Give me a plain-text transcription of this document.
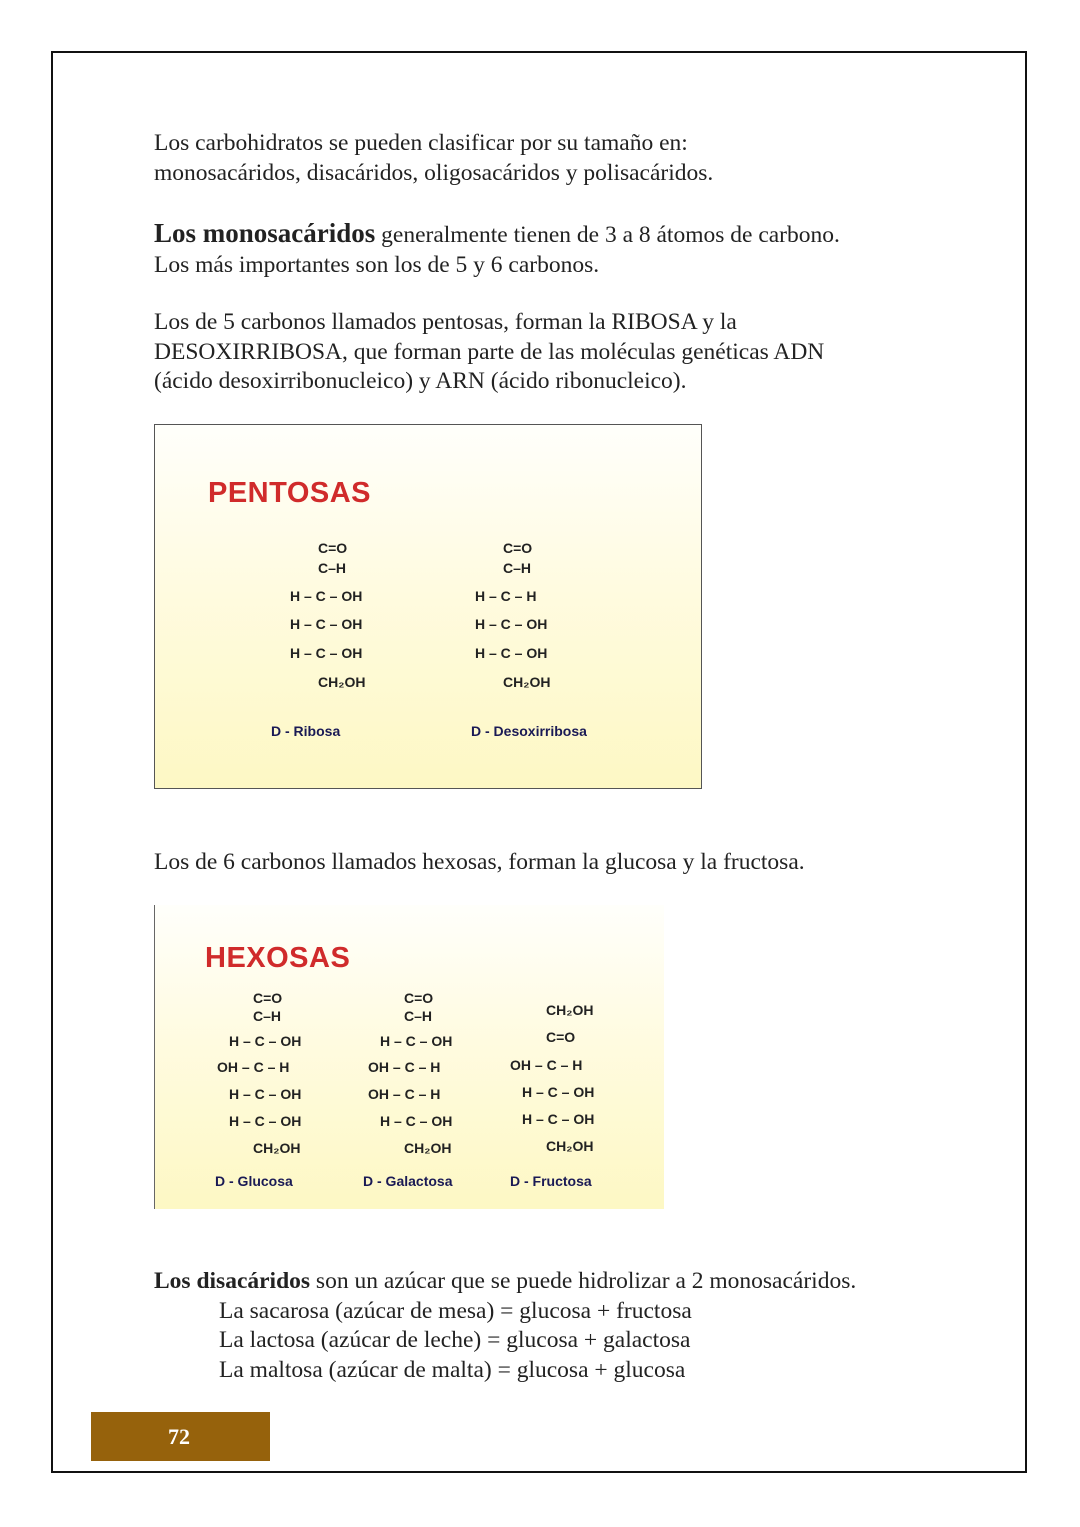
Los carbohidratos se pueden clasificar por su tamaño en:
monosacáridos, disacáridos, oligosacáridos y polisacáridos.

Los monosacáridos generalmente tienen de 3 a 8 átomos de carbono.
Los más importantes son los de 5 y 6 carbonos.

Los de 5 carbonos llamados pentosas, forman la RIBOSA y la
DESOXIRRIBOSA, que forman parte de las moléculas genéticas ADN
(ácido desoxirribonucleico) y ARN (ácido ribonucleico).

PENTOSAS
C=O
C–H
H – C – OH
H – C – OH
H – C – OH
CH₂OH
D - Ribosa
C=O
C–H
H – C – H
H – C – OH
H – C – OH
CH₂OH
D - Desoxirribosa

Los de 6 carbonos llamados hexosas, forman la glucosa y la fructosa.

HEXOSAS
C=O
C–H
H – C – OH
OH – C – H
H – C – OH
H – C – OH
CH₂OH
D - Glucosa
C=O
C–H
H – C – OH
OH – C – H
OH – C – H
H – C – OH
CH₂OH
D - Galactosa
CH₂OH
C=O
OH – C – H
H – C – OH
H – C – OH
CH₂OH
D - Fructosa

Los disacáridos son un azúcar que se puede hidrolizar a 2 monosacáridos.
La sacarosa (azúcar de mesa) = glucosa + fructosa
La lactosa (azúcar de leche) = glucosa + galactosa
La maltosa (azúcar de malta) = glucosa + glucosa

72
